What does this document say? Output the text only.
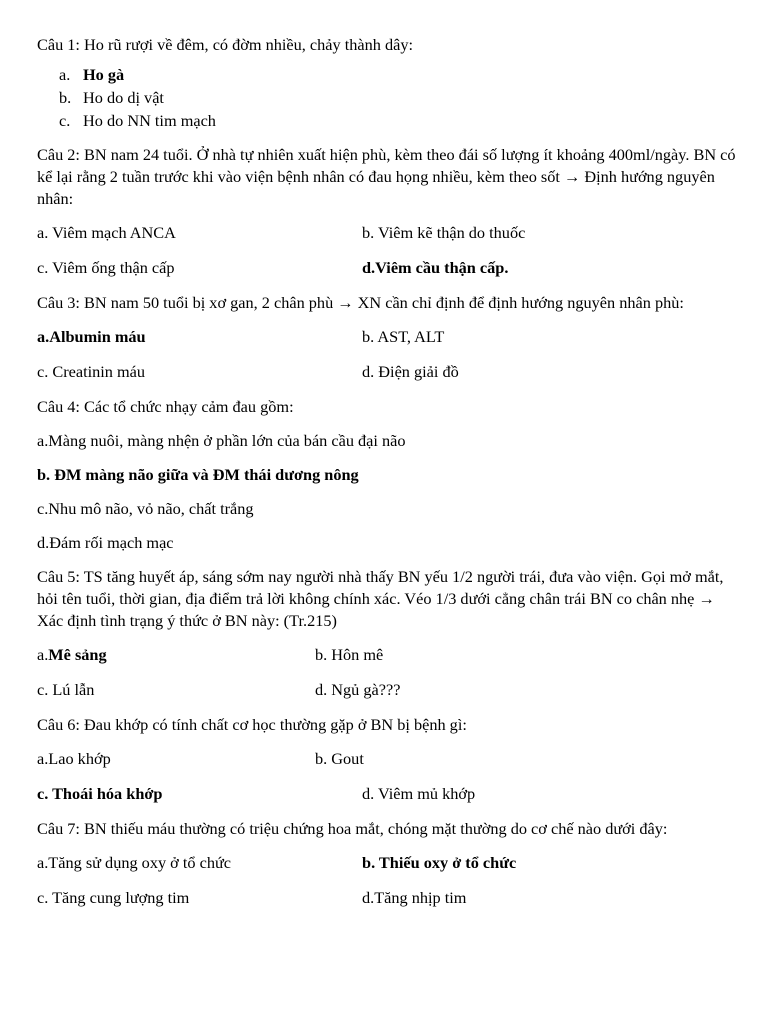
Câu 1: Ho rũ rượi về đêm, có đờm nhiều, chảy thành dây:

a. Ho gà
b. Ho do dị vật
c. Ho do NN tim mạch

Câu 2: BN nam 24 tuổi. Ở nhà tự nhiên xuất hiện phù, kèm theo đái số lượng ít khoảng 400ml/ngày. BN có kể lại rằng 2 tuần trước khi vào viện bệnh nhân có đau họng nhiều, kèm theo sốt → Định hướng nguyên nhân:

a. Viêm mạch ANCA	b. Viêm kẽ thận do thuốc
c. Viêm ống thận cấp	d.Viêm cầu thận cấp.

Câu 3: BN nam 50 tuổi bị xơ gan, 2 chân phù → XN cần chỉ định để định hướng nguyên nhân phù:

a.Albumin máu	b. AST, ALT
c. Creatinin máu	d. Điện giải đồ

Câu 4: Các tổ chức nhạy cảm đau gồm:

a.Màng nuôi, màng nhện ở phần lớn của bán cầu đại não

b. ĐM màng não giữa và ĐM thái dương nông

c.Nhu mô não, vỏ não, chất trắng

d.Đám rối mạch mạc

Câu 5: TS tăng huyết áp, sáng sớm nay người nhà thấy BN yếu 1/2 người trái, đưa vào viện. Gọi mở mắt, hỏi tên tuổi, thời gian, địa điểm trả lời không chính xác. Véo 1/3 dưới cẳng chân trái BN co chân nhẹ → Xác định tình trạng ý thức ở BN này: (Tr.215)

a.Mê sảng	b. Hôn mê
c. Lú lẫn	d. Ngủ gà???

Câu 6: Đau khớp có tính chất cơ học thường gặp ở BN bị bệnh gì:

a.Lao khớp	b. Gout
c. Thoái hóa khớp	d. Viêm mủ khớp

Câu 7: BN thiếu máu thường có triệu chứng hoa mắt, chóng mặt thường do cơ chế nào dưới đây:

a.Tăng sử dụng oxy ở tổ chức	b. Thiếu oxy ở tổ chức
c. Tăng cung lượng tim	d.Tăng nhịp tim
